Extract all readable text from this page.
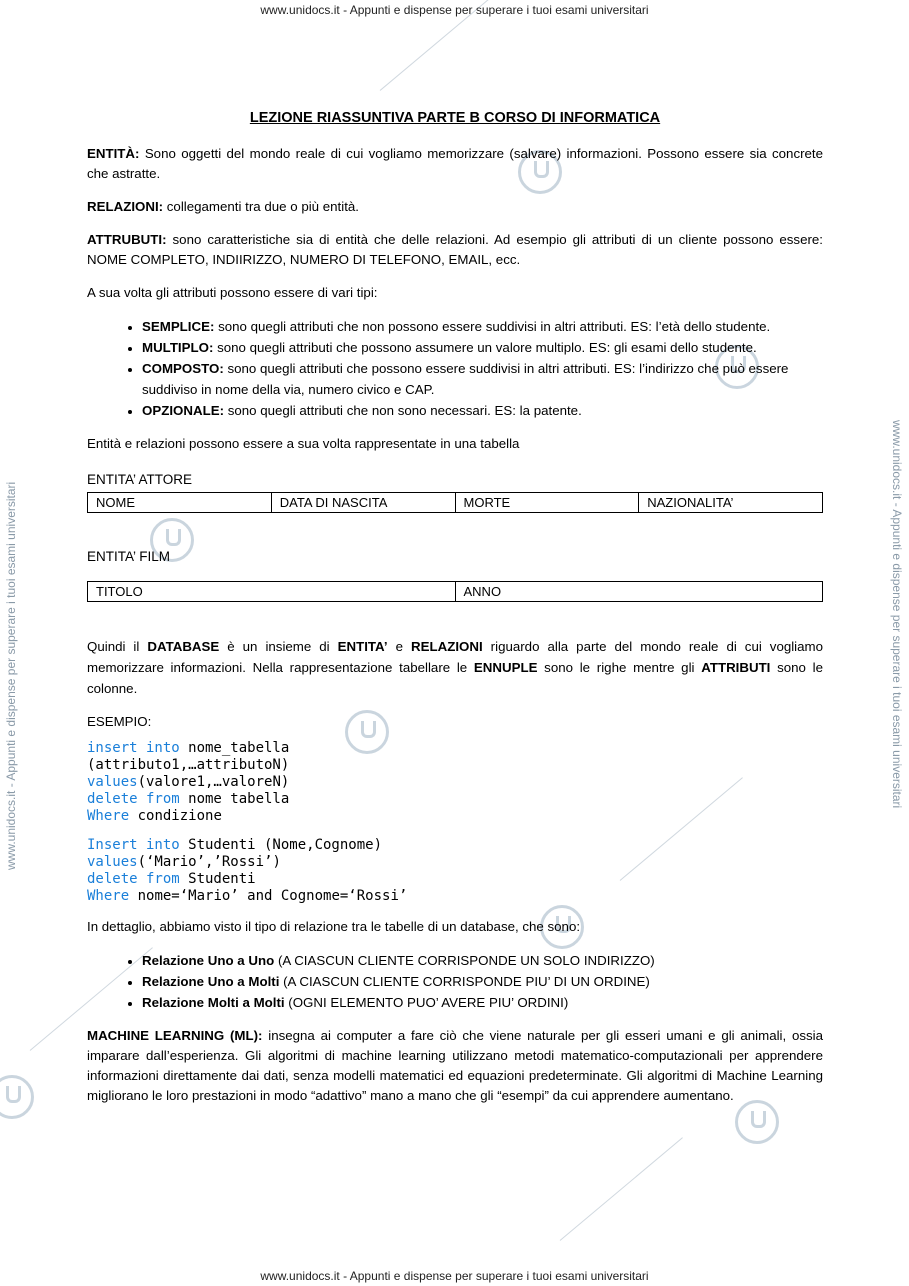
www.unidocs.it - Appunti e dispense per superare i tuoi esami universitari
www.unidocs.it - Appunti e dispense per superare i tuoi esami universitari
www.unidocs.it - Appunti e dispense per superare i tuoi esami universitari	www.unidocs.it - Appunti e dispense per superare i tuoi esami universitari
LEZIONE RIASSUNTIVA PARTE B CORSO DI INFORMATICA

ENTITÀ: Sono oggetti del mondo reale di cui vogliamo memorizzare (salvare) informazioni. Possono essere sia concrete che astratte.

RELAZIONI: collegamenti tra due o più entità.

ATTRUBUTI: sono caratteristiche sia di entità che delle relazioni. Ad esempio gli attributi di un cliente possono essere: NOME COMPLETO, INDIIRIZZO, NUMERO DI TELEFONO, EMAIL, ecc.

A sua volta gli attributi possono essere di vari tipi:

• SEMPLICE: sono quegli attributi che non possono essere suddivisi in altri attributi. ES: l’età dello studente.
• MULTIPLO: sono quegli attributi che possono assumere un valore multiplo. ES: gli esami dello studente.
• COMPOSTO: sono quegli attributi che possono essere suddivisi in altri attributi. ES: l’indirizzo che può essere suddiviso in nome della via, numero civico e CAP.
• OPZIONALE: sono quegli attributi che non sono necessari. ES: la patente.

Entità e relazioni possono essere a sua volta rappresentate in una tabella

ENTITA’ ATTORE
NOME	DATA DI NASCITA	MORTE	NAZIONALITA’
ENTITA’ FILM
TITOLO	ANNO

Quindi il DATABASE è un insieme di ENTITA’ e RELAZIONI riguardo alla parte del mondo reale di cui vogliamo memorizzare informazioni. Nella rappresentazione tabellare le ENNUPLE sono le righe mentre gli ATTRIBUTI sono le colonne.

ESEMPIO:

insert into nome_tabella
(attributo1,…attributoN)
values(valore1,…valoreN)
delete from nome tabella
Where condizione
Insert into Studenti (Nome,Cognome)
values(‘Mario’,’Rossi’)
delete from Studenti
Where nome=‘Mario’ and Cognome=‘Rossi’

In dettaglio, abbiamo visto il tipo di relazione tra le tabelle di un database, che sono:

• Relazione Uno a Uno (A CIASCUN CLIENTE CORRISPONDE UN SOLO INDIRIZZO)
• Relazione Uno a Molti (A CIASCUN CLIENTE CORRISPONDE PIU’ DI UN ORDINE)
• Relazione Molti a Molti (OGNI ELEMENTO PUO’ AVERE PIU’ ORDINI)

MACHINE LEARNING (ML): insegna ai computer a fare ciò che viene naturale per gli esseri umani e gli animali, ossia imparare dall’esperienza. Gli algoritmi di machine learning utilizzano metodi matematico-computazionali per apprendere informazioni direttamente dai dati, senza modelli matematici ed equazioni predeterminate. Gli algoritmi di Machine Learning migliorano le loro prestazioni in modo “adattivo” mano a mano che gli “esempi” da cui apprendere aumentano.
